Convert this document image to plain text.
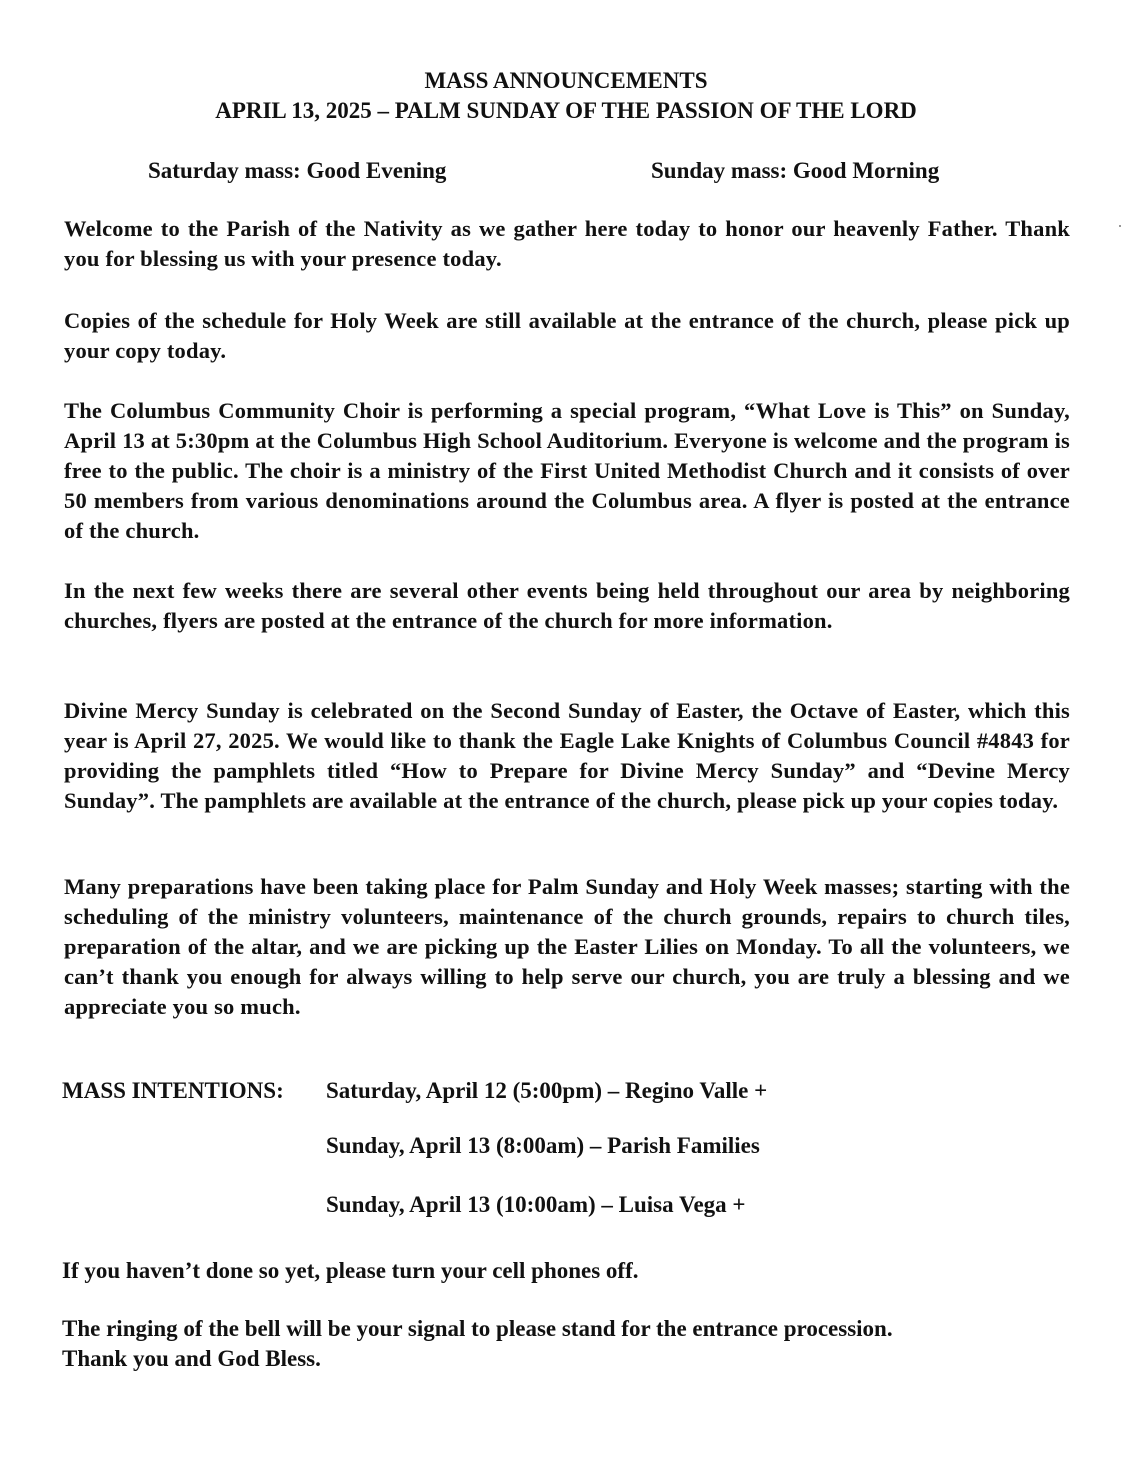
MASS ANNOUNCEMENTS
APRIL 13, 2025 – PALM SUNDAY OF THE PASSION OF THE LORD
Saturday mass: Good Evening	Sunday mass: Good Morning
Welcome to the Parish of the Nativity as we gather here today to honor our heavenly Father. Thank you for blessing us with your presence today.
Copies of the schedule for Holy Week are still available at the entrance of the church, please pick up your copy today.
The Columbus Community Choir is performing a special program, “What Love is This” on Sunday, April 13 at 5:30pm at the Columbus High School Auditorium. Everyone is welcome and the program is free to the public. The choir is a ministry of the First United Methodist Church and it consists of over 50 members from various denominations around the Columbus area. A flyer is posted at the entrance of the church.
In the next few weeks there are several other events being held throughout our area by neighboring churches, flyers are posted at the entrance of the church for more information.
Divine Mercy Sunday is celebrated on the Second Sunday of Easter, the Octave of Easter, which this year is April 27, 2025. We would like to thank the Eagle Lake Knights of Columbus Council #4843 for providing the pamphlets titled “How to Prepare for Divine Mercy Sunday” and “Devine Mercy Sunday”. The pamphlets are available at the entrance of the church, please pick up your copies today.
Many preparations have been taking place for Palm Sunday and Holy Week masses; starting with the scheduling of the ministry volunteers, maintenance of the church grounds, repairs to church tiles, preparation of the altar, and we are picking up the Easter Lilies on Monday. To all the volunteers, we can’t thank you enough for always willing to help serve our church, you are truly a blessing and we appreciate you so much.
MASS INTENTIONS: Saturday, April 12 (5:00pm) – Regino Valle +
Sunday, April 13 (8:00am) – Parish Families
Sunday, April 13 (10:00am) – Luisa Vega +
If you haven’t done so yet, please turn your cell phones off.
The ringing of the bell will be your signal to please stand for the entrance procession.
Thank you and God Bless.
